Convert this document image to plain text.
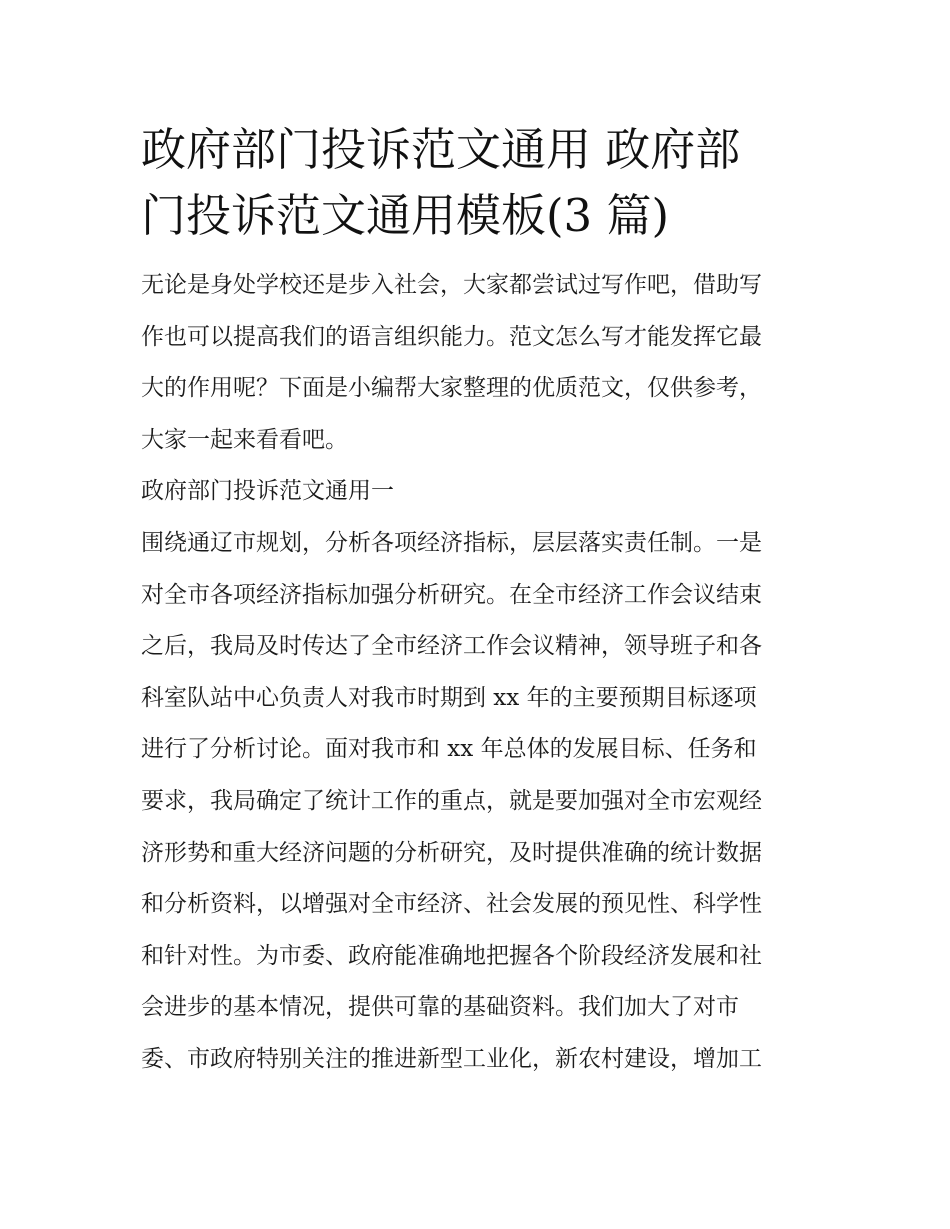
政府部门投诉范文通用 政府部
门投诉范文通用模板(3 篇)
无论是身处学校还是步入社会，大家都尝试过写作吧，借助写
作也可以提高我们的语言组织能力。范文怎么写才能发挥它最
大的作用呢？下面是小编帮大家整理的优质范文，仅供参考，
大家一起来看看吧。
政府部门投诉范文通用一
围绕通辽市规划，分析各项经济指标，层层落实责任制。一是
对全市各项经济指标加强分析研究。在全市经济工作会议结束
之后，我局及时传达了全市经济工作会议精神，领导班子和各
科室队站中心负责人对我市时期到 xx 年的主要预期目标逐项
进行了分析讨论。面对我市和 xx 年总体的发展目标、任务和
要求，我局确定了统计工作的重点，就是要加强对全市宏观经
济形势和重大经济问题的分析研究，及时提供准确的统计数据
和分析资料，以增强对全市经济、社会发展的预见性、科学性
和针对性。为市委、政府能准确地把握各个阶段经济发展和社
会进步的基本情况，提供可靠的基础资料。我们加大了对市
委、市政府特别关注的推进新型工业化，新农村建设，增加工
